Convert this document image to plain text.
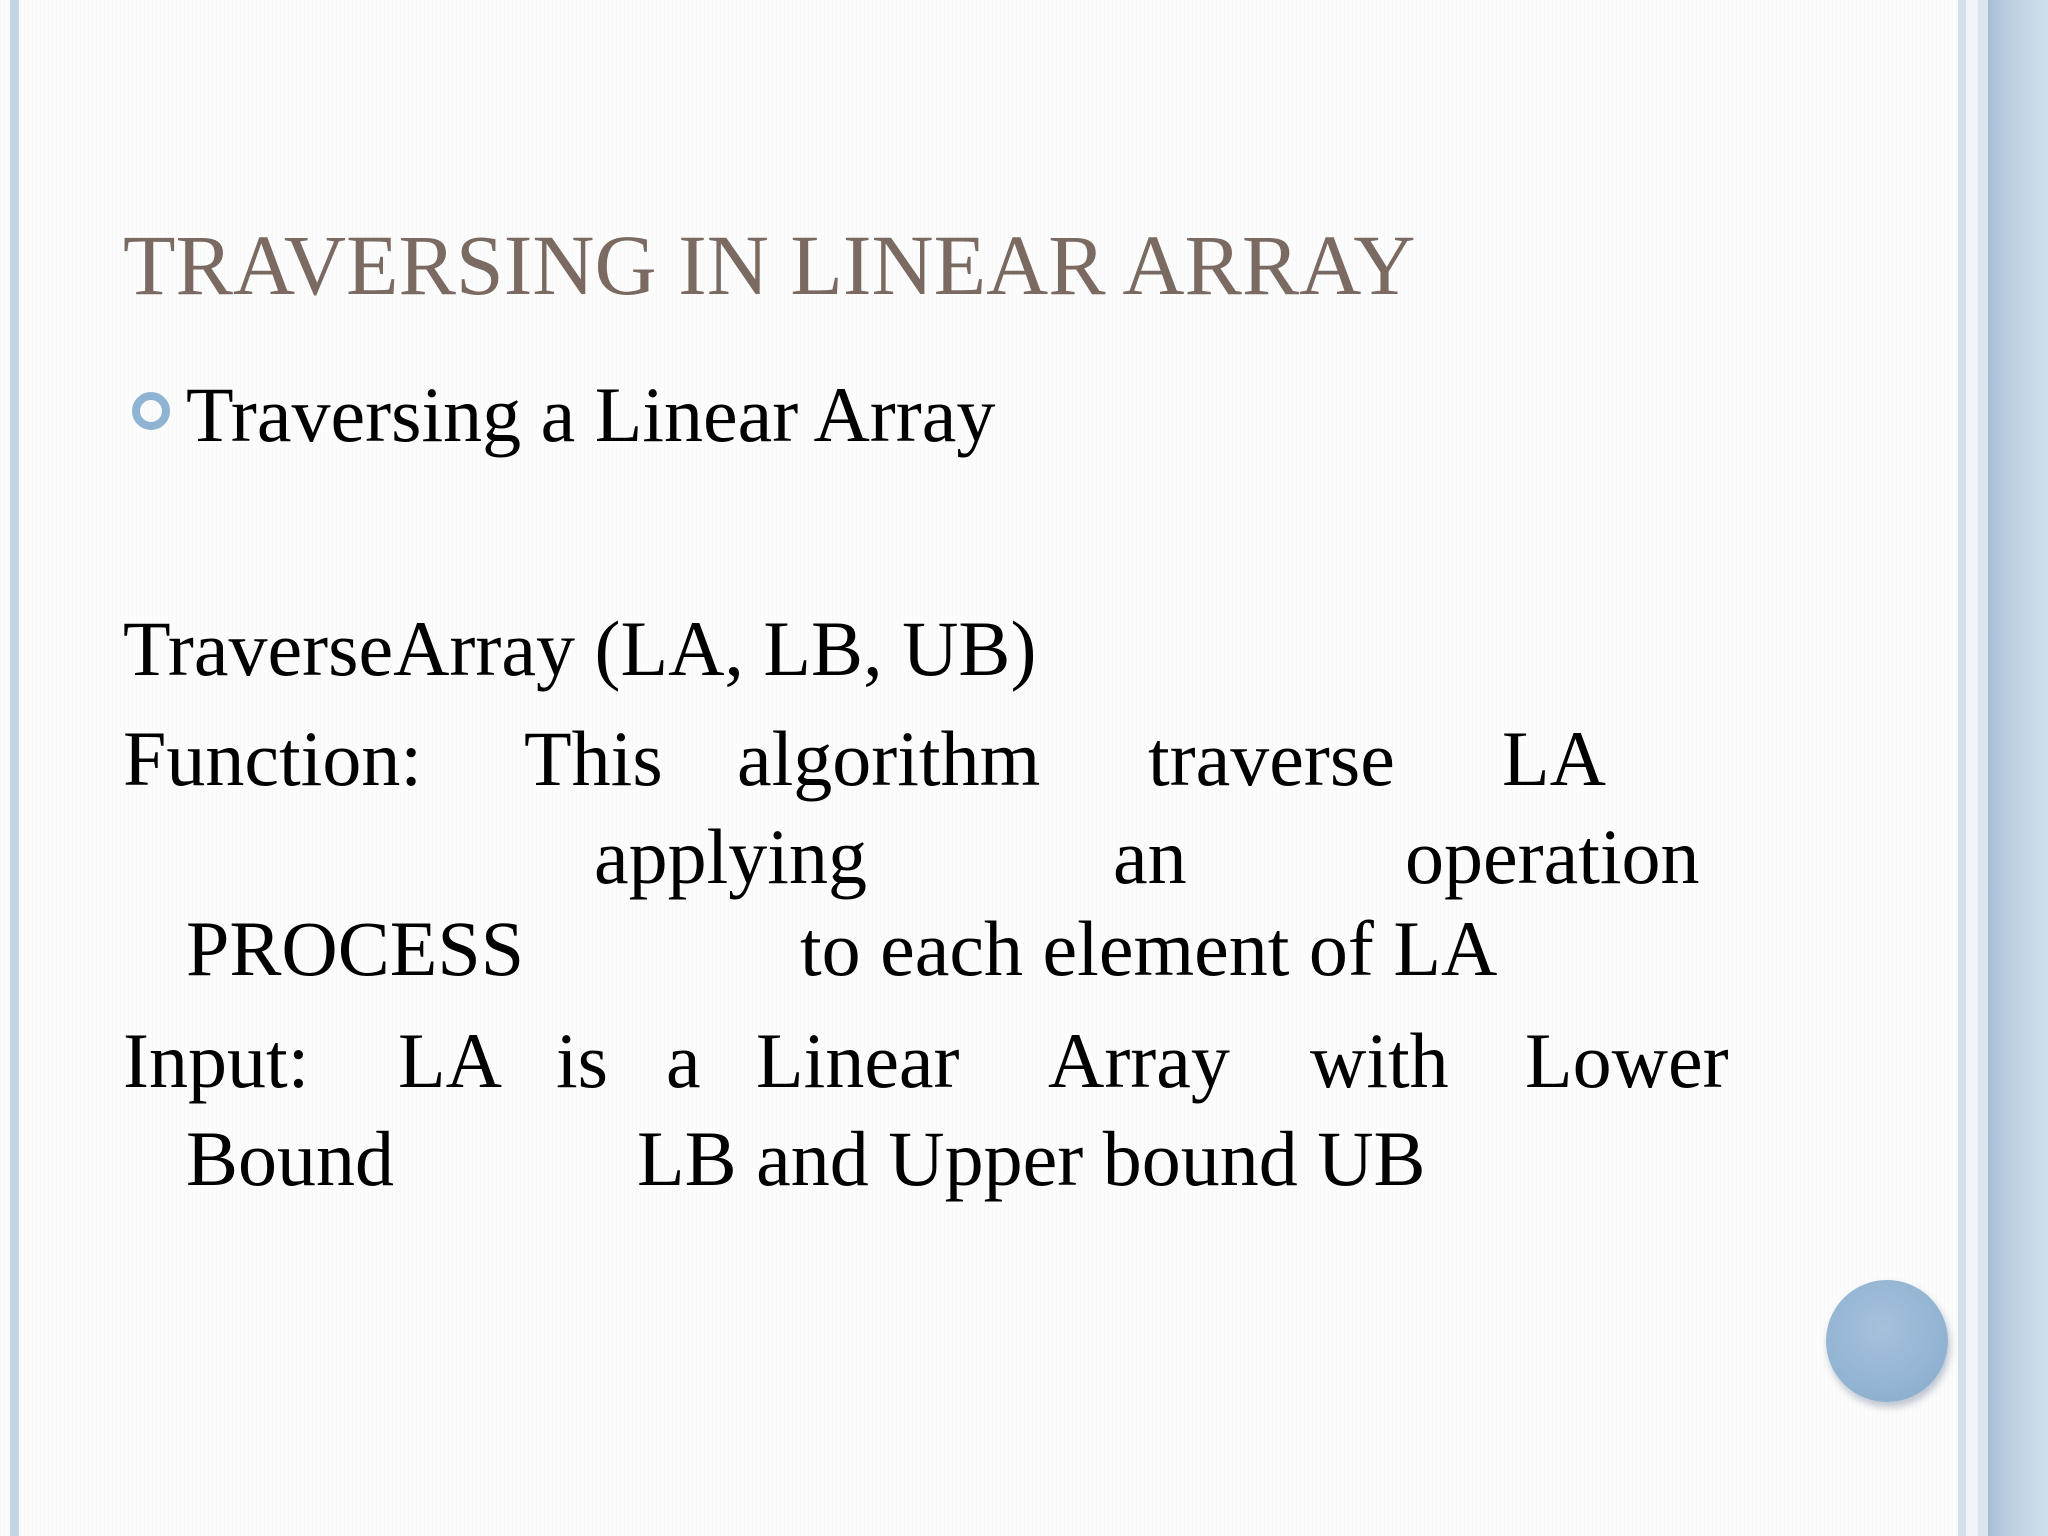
TRAVERSING IN LINEAR ARRAY
Traversing a Linear Array
TraverseArray (LA, LB, UB)
Function: This algorithm traverse LA
applying	an	operation
PROCESS	to each element of LA
Input: LA is a Linear Array with Lower
Bound	LB and Upper bound UB
